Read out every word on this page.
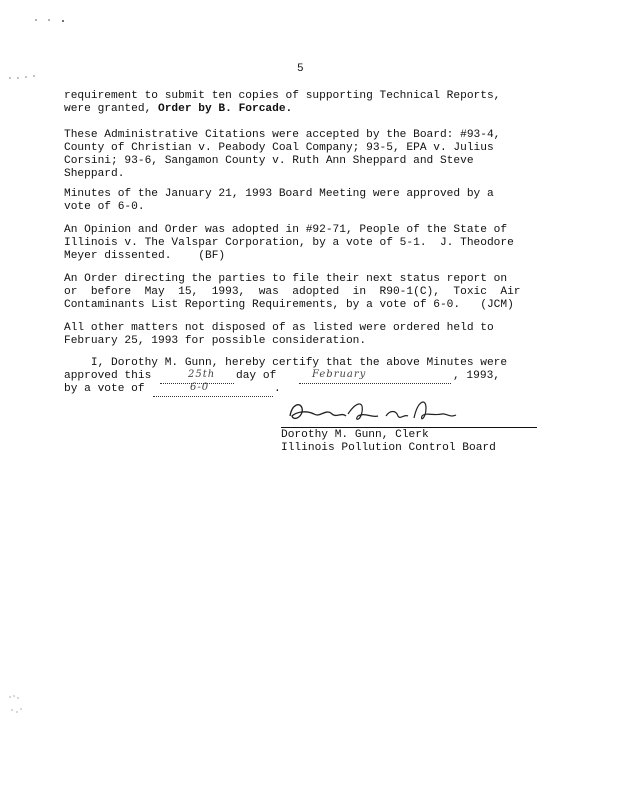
5
requirement to submit ten copies of supporting Technical Reports,
were granted, Order by B. Forcade.
These Administrative Citations were accepted by the Board: #93-4,
County of Christian v. Peabody Coal Company; 93-5, EPA v. Julius
Corsini; 93-6, Sangamon County v. Ruth Ann Sheppard and Steve
Sheppard.
Minutes of the January 21, 1993 Board Meeting were approved by a
vote of 6-0.
An Opinion and Order was adopted in #92-71, People of the State of
Illinois v. The Valspar Corporation, by a vote of 5-1.  J. Theodore
Meyer dissented.    (BF)
An Order directing the parties to file their next status report on
or  before  May  15,  1993,  was  adopted  in  R90-1(C),  Toxic  Air
Contaminants List Reporting Requirements, by a vote of 6-0.   (JCM)
All other matters not disposed of as listed were ordered held to
February 25, 1993 for possible consideration.
I, Dorothy M. Gunn, hereby certify that the above Minutes were
approved this	25th day of	February	, 1993,
by a vote of	6-0	.
Dorothy M. Gunn, Clerk
Illinois Pollution Control Board
